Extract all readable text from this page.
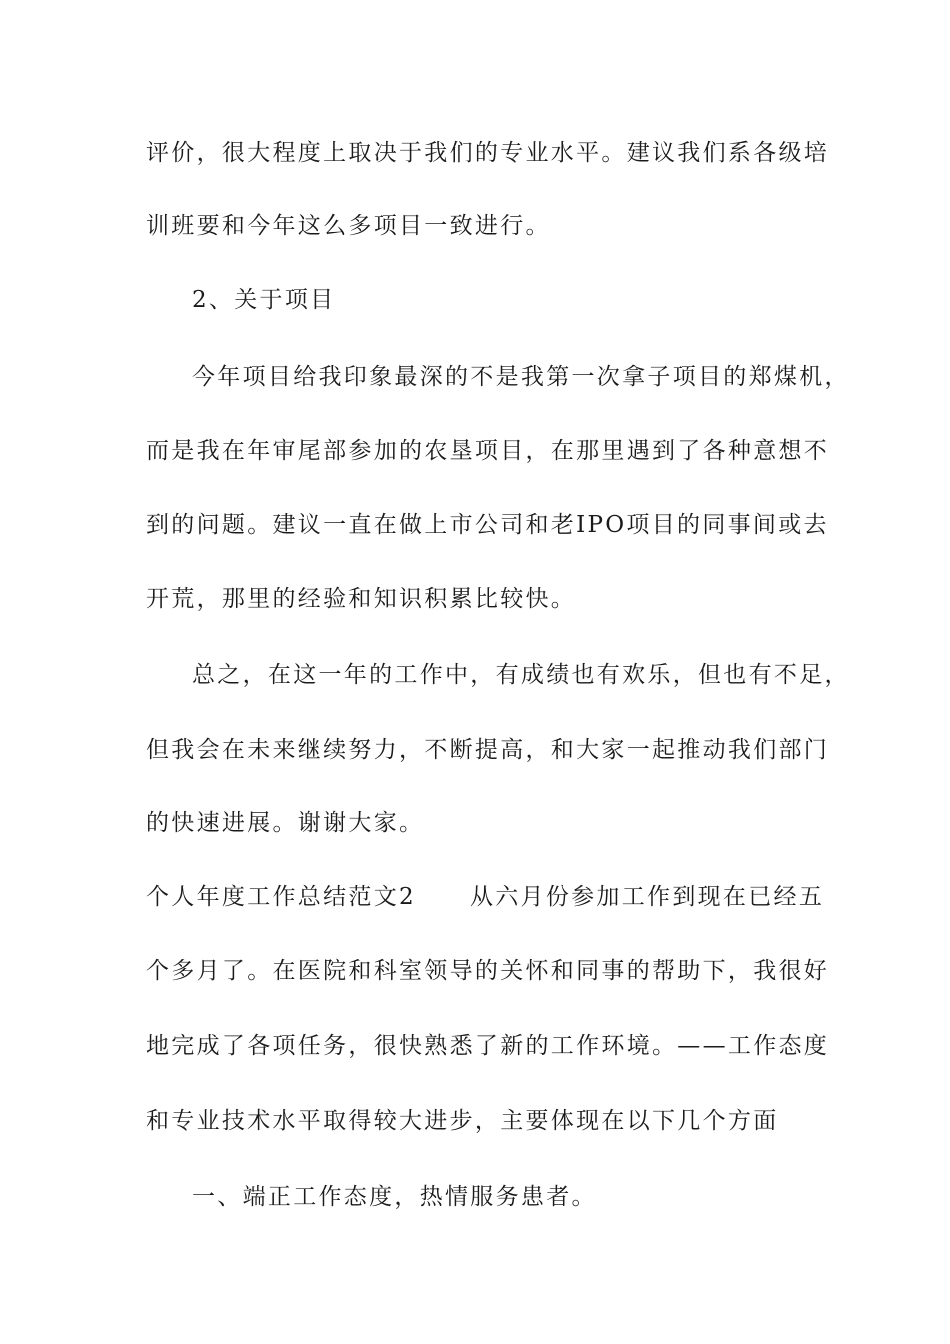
评价，很大程度上取决于我们的专业水平。建议我们系各级培
训班要和今年这么多项目一致进行。
2、关于项目
今年项目给我印象最深的不是我第一次拿子项目的郑煤机，
而是我在年审尾部参加的农垦项目，在那里遇到了各种意想不
到的问题。建议一直在做上市公司和老IPO项目的同事间或去
开荒，那里的经验和知识积累比较快。
总之，在这一年的工作中，有成绩也有欢乐，但也有不足，
但我会在未来继续努力，不断提高，和大家一起推动我们部门
的快速进展。谢谢大家。
个人年度工作总结范文2 从六月份参加工作到现在已经五
个多月了。在医院和科室领导的关怀和同事的帮助下，我很好
地完成了各项任务，很快熟悉了新的工作环境。——工作态度
和专业技术水平取得较大进步，主要体现在以下几个方面
一、端正工作态度，热情服务患者。
